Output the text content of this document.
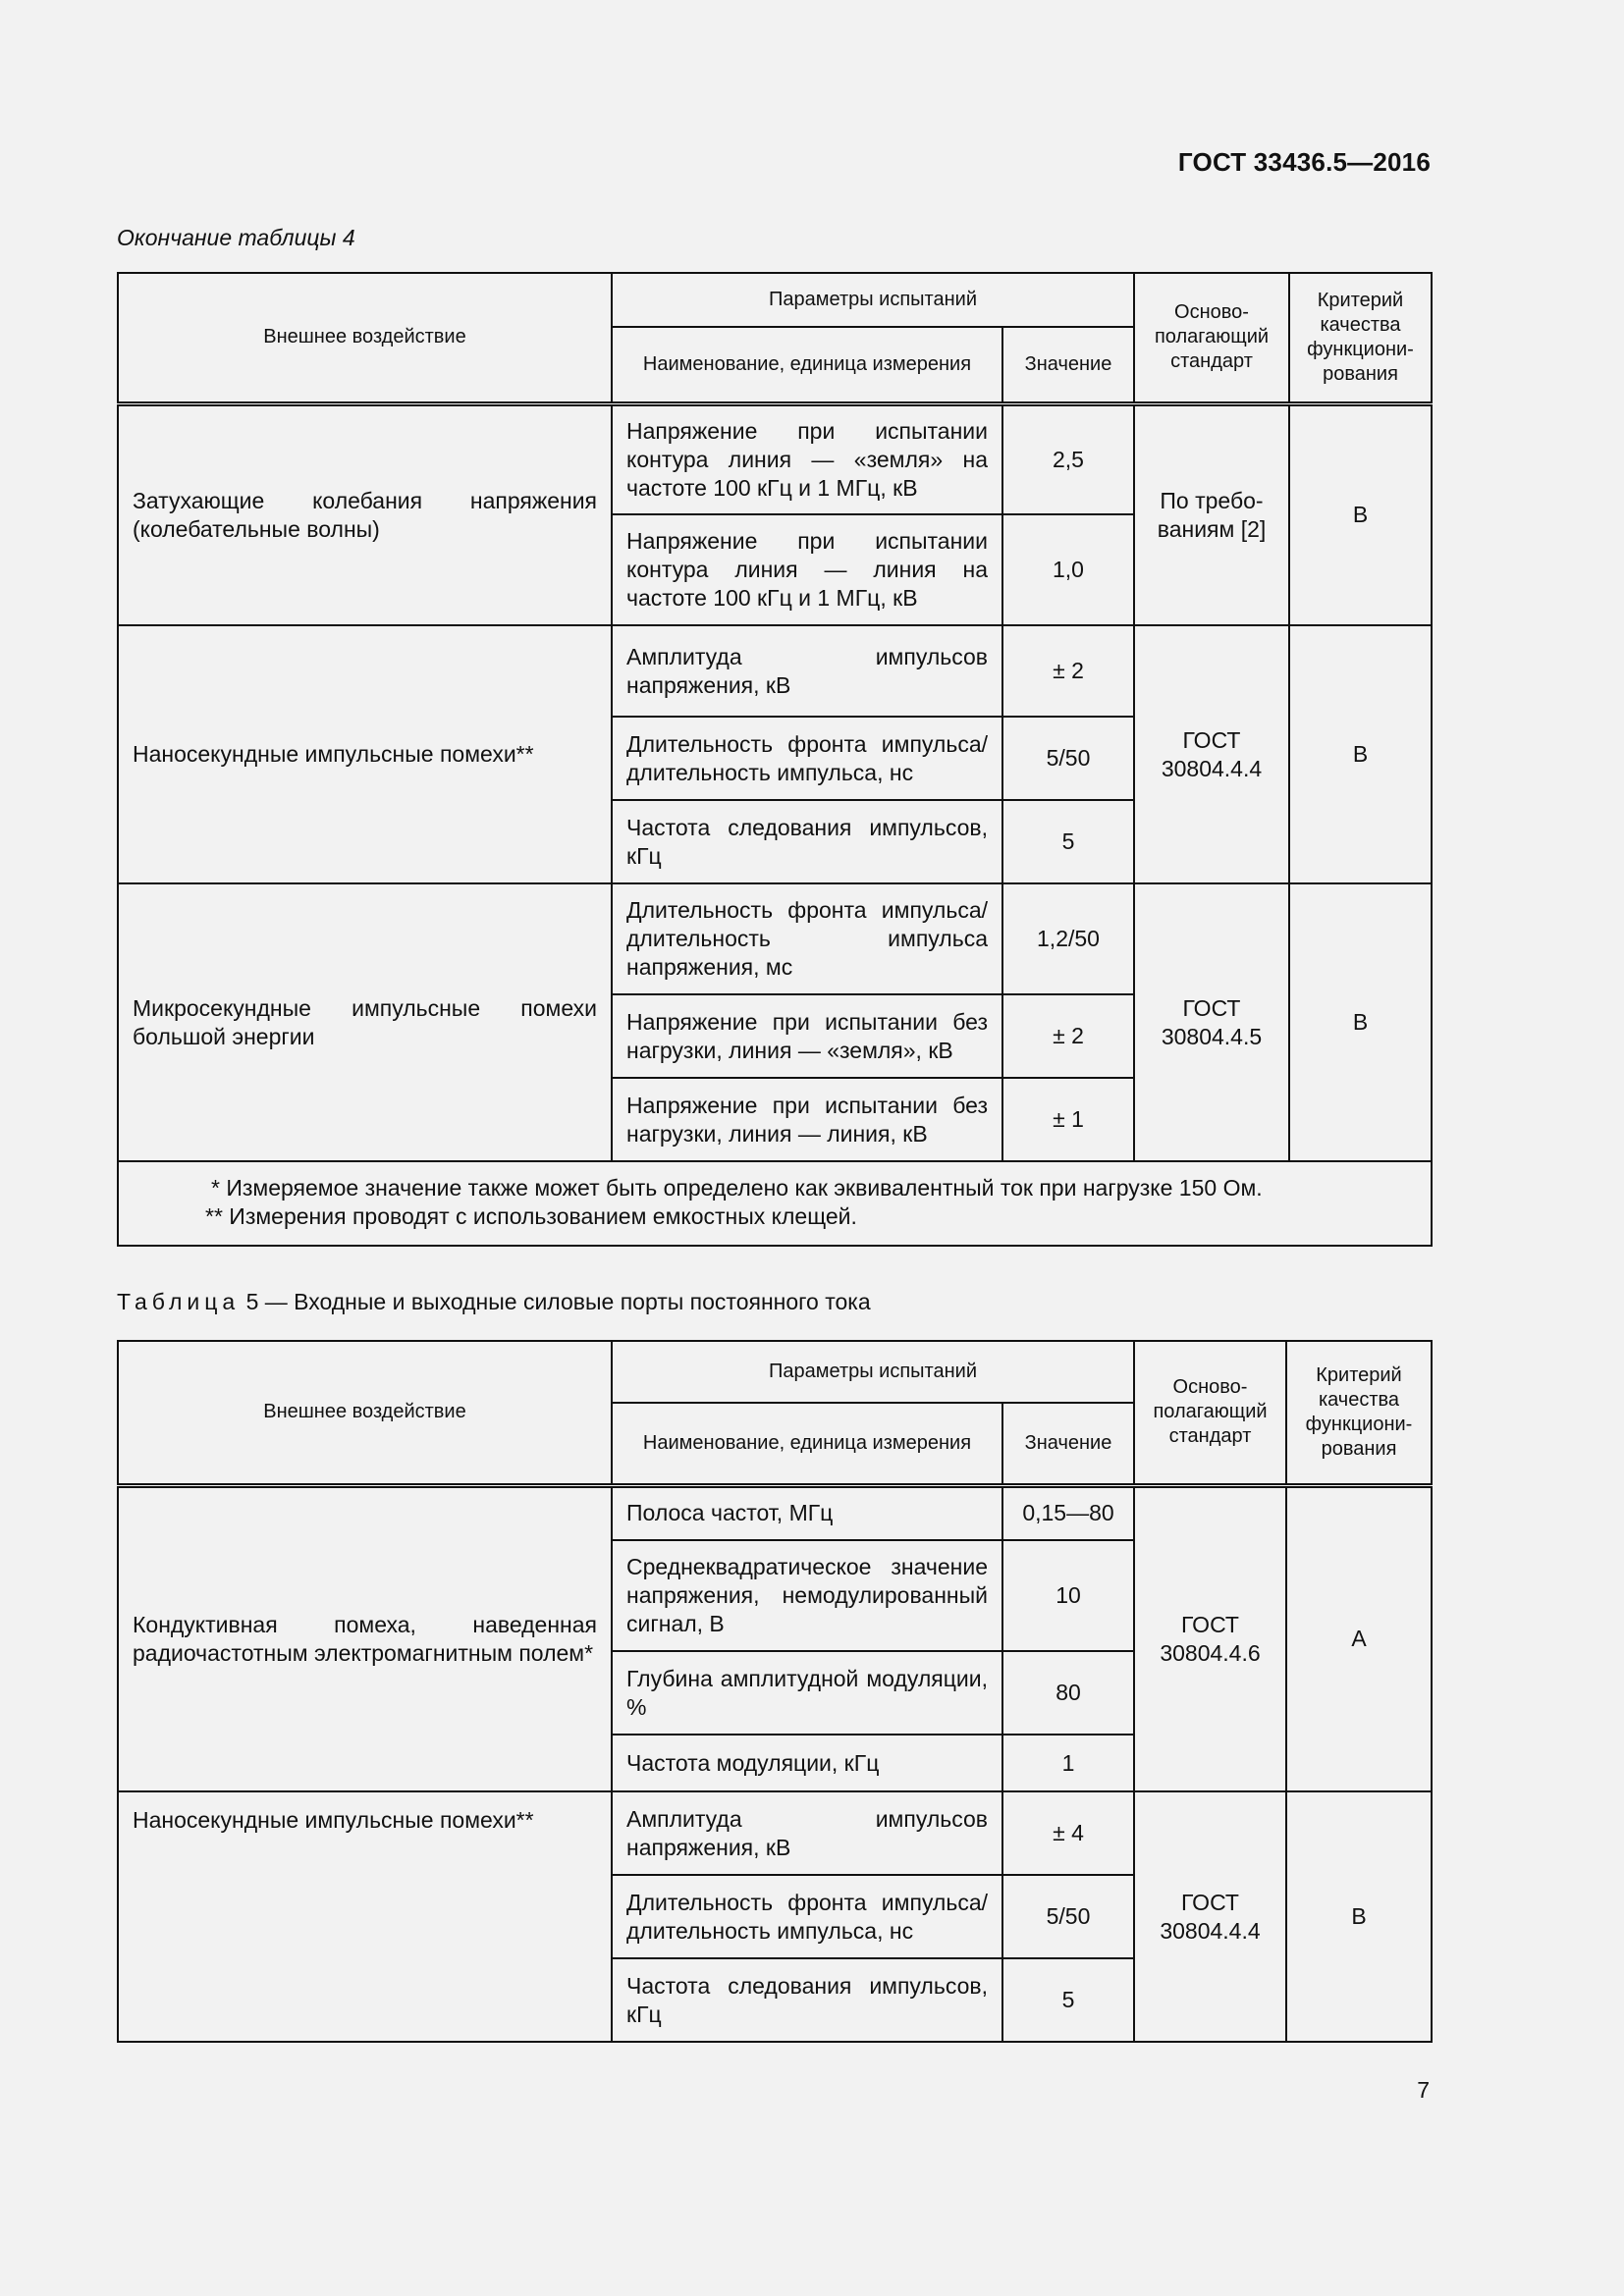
ГОСТ 33436.5—2016
Окончание таблицы 4
Внешнее воздействие	Параметры испытаний		Осново-полагающий стандарт	Критерий качества функциони-рования
	Наименование, единица измерения	Значение		
Затухающие колебания напряжения (колебательные волны)	Напряжение при испытании контура линия — «земля» на частоте 100 кГц и 1 МГц, кВ	2,5	По требо-ваниям [2]	B
	Напряжение при испытании контура линия — линия на частоте 100 кГц и 1 МГц, кВ	1,0		
Наносекундные импульсные помехи**	Амплитуда импульсов напряжения, кВ	± 2	ГОСТ 30804.4.4	B
	Длительность фронта импульса/длительность импульса, нс	5/50		
	Частота следования импульсов, кГц	5		
Микросекундные импульсные помехи большой энергии	Длительность фронта импульса/длительность импульса напряжения, мс	1,2/50	ГОСТ 30804.4.5	B
	Напряжение при испытании без нагрузки, линия — «земля», кВ	± 2		
	Напряжение при испытании без нагрузки, линия — линия, кВ	± 1		

* Измеряемое значение также может быть определено как эквивалентный ток при нагрузке 150 Ом.
** Измерения проводят с использованием емкостных клещей.				
Таблица 5 — Входные и выходные силовые порты постоянного тока
Внешнее воздействие	Параметры испытаний		Осново-полагающий стандарт	Критерий качества функциони-рования
	Наименование, единица измерения	Значение		
Кондуктивная помеха, наведенная радиочастотным электромагнитным полем*	Полоса частот, МГц	0,15—80	ГОСТ 30804.4.6	A
	Среднеквадратическое значение напряжения, немодулированный сигнал, В	10		
	Глубина амплитудной модуляции, %	80		
	Частота модуляции, кГц	1		
Наносекундные импульсные помехи**	Амплитуда импульсов напряжения, кВ	± 4	ГОСТ 30804.4.4	B
	Длительность фронта импульса/длительность импульса, нс	5/50		
	Частота следования импульсов, кГц	5		
7
